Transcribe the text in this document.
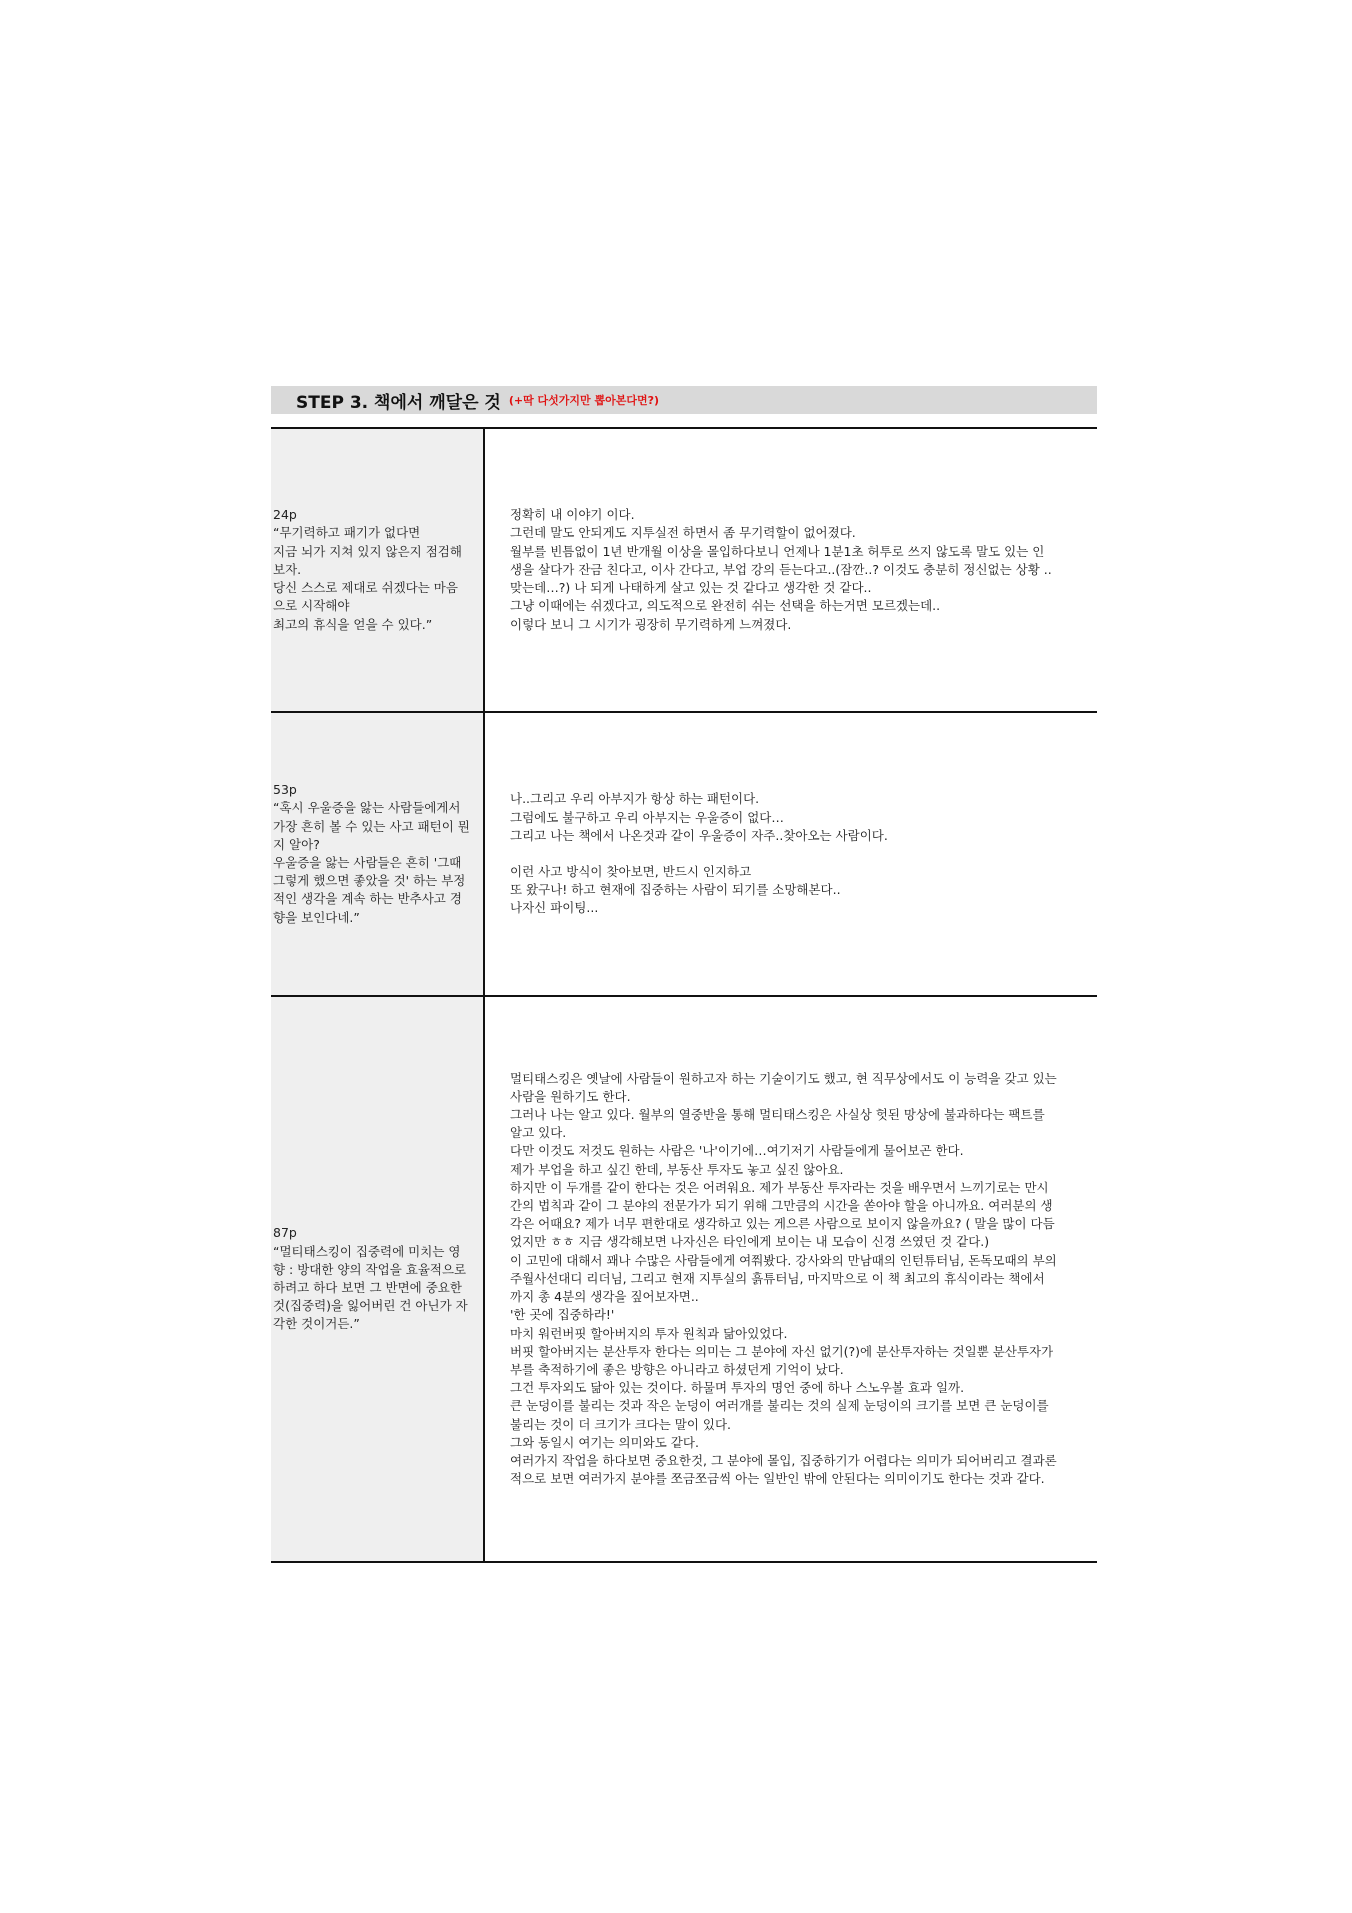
STEP 3. 책에서 깨달은 것 (+딱 다섯가지만 뽑아본다면?)
24p
“무기력하고 패기가 없다면
지금 뇌가 지쳐 있지 않은지 점검해
보자.
당신 스스로 제대로 쉬겠다는 마음
으로 시작해야
최고의 휴식을 얻을 수 있다.”
정확히 내 이야기 이다.
그런데 말도 안되게도 지투실전 하면서 좀 무기력할이 없어졌다.
월부를 빈틈없이 1년 반개월 이상을 몰입하다보니 언제나 1분1초 허투로 쓰지 않도록 말도 있는 인
생을 살다가 잔금 친다고, 이사 간다고, 부업 강의 듣는다고..(잠깐..? 이것도 충분히 정신없는 상황 ..
맞는데…?) 나 되게 나태하게 살고 있는 것 같다고 생각한 것 같다..
그냥 이때에는 쉬겠다고, 의도적으로 완전히 쉬는 선택을 하는거면 모르겠는데..
이렇다 보니 그 시기가 굉장히 무기력하게 느껴졌다.
53p
“혹시 우울증을 앓는 사람들에게서
가장 흔히 볼 수 있는 사고 패턴이 뭔
지 알아?
우울증을 앓는 사람들은 흔히 '그때
그렇게 했으면 좋았을 것' 하는 부정
적인 생각을 계속 하는 반추사고 경
향을 보인다네.”
나..그리고 우리 아부지가 항상 하는 패턴이다.
그럼에도 불구하고 우리 아부지는 우울증이 없다…
그리고 나는 책에서 나온것과 같이 우울증이 자주..찾아오는 사람이다.
이런 사고 방식이 찾아보면, 반드시 인지하고
또 왔구나! 하고 현재에 집중하는 사람이 되기를 소망해본다..
나자신 파이팅...
87p
“멀티태스킹이 집중력에 미치는 영
향 : 방대한 양의 작업을 효율적으로
하려고 하다 보면 그 반면에 중요한
것(집중력)을 잃어버린 건 아닌가 자
각한 것이거든.”
멀티태스킹은 옛날에 사람들이 원하고자 하는 기술이기도 했고, 현 직무상에서도 이 능력을 갖고 있는
사람을 원하기도 한다.
그러나 나는 알고 있다. 월부의 열중반을 통해 멀티태스킹은 사실상 헛된 망상에 불과하다는 팩트를
알고 있다.
다만 이것도 저것도 원하는 사람은 '나'이기에…여기저기 사람들에게 물어보곤 한다.
제가 부업을 하고 싶긴 한데, 부동산 투자도 놓고 싶진 않아요.
하지만 이 두개를 같이 한다는 것은 어려워요. 제가 부동산 투자라는 것을 배우면서 느끼기로는 만시
간의 법칙과 같이 그 분야의 전문가가 되기 위해 그만큼의 시간을 쏟아야 할을 아니까요. 여러분의 생
각은 어때요? 제가 너무 편한대로 생각하고 있는 게으른 사람으로 보이지 않을까요? ( 말을 많이 다듬
었지만 ㅎㅎ 지금 생각해보면 나자신은 타인에게 보이는 내 모습이 신경 쓰였던 것 같다.)
이 고민에 대해서 꽤나 수많은 사람들에게 여쭤봤다. 강사와의 만남때의 인턴튜터님, 돈독모때의 부의
주월사선대디 리더님, 그리고 현재 지투실의 흙튜터님, 마지막으로 이 책 최고의 휴식이라는 책에서
까지 총 4분의 생각을 짚어보자면..
'한 곳에 집중하라!'
마치 워런버핏 할아버지의 투자 원칙과 닮아있었다.
버핏 할아버지는 분산투자 한다는 의미는 그 분야에 자신 없기(?)에 분산투자하는 것일뿐 분산투자가
부를 축적하기에 좋은 방향은 아니라고 하셨던게 기억이 났다.
그건 투자외도 닮아 있는 것이다. 하물며 투자의 명언 중에 하나 스노우볼 효과 일까.
큰 눈덩이를 불리는 것과 작은 눈덩이 여러개를 불리는 것의 실제 눈덩이의 크기를 보면 큰 눈덩이를
불리는 것이 더 크기가 크다는 말이 있다.
그와 동일시 여기는 의미와도 같다.
여러가지 작업을 하다보면 중요한것, 그 분야에 몰입, 집중하기가 어렵다는 의미가 되어버리고 결과론
적으로 보면 여러가지 분야를 쪼금쪼금씩 아는 일반인 밖에 안된다는 의미이기도 한다는 것과 같다.
